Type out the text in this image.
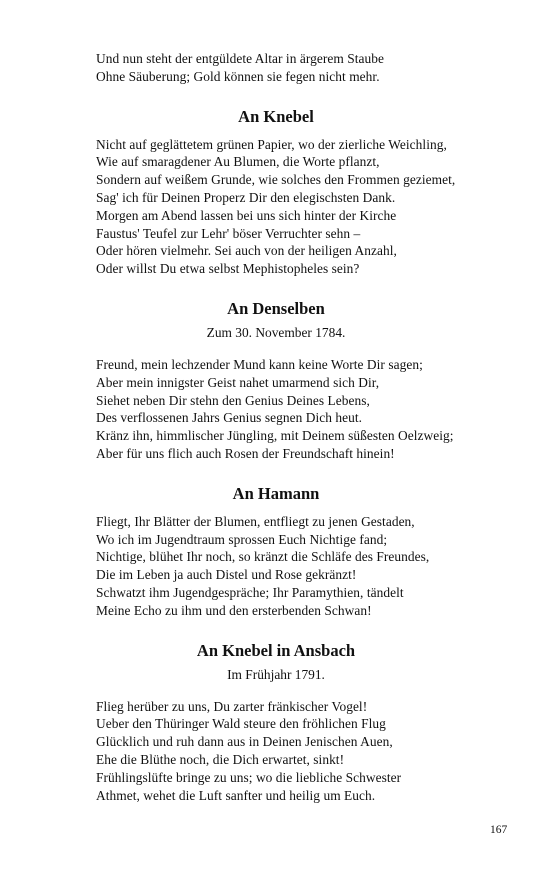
Und nun steht der entgüldete Altar in ärgerem Staube
Ohne Säuberung; Gold können sie fegen nicht mehr.
An Knebel
Nicht auf geglättetem grünen Papier, wo der zierliche Weichling,
Wie auf smaragdener Au Blumen, die Worte pflanzt,
Sondern auf weißem Grunde, wie solches den Frommen geziemet,
Sag' ich für Deinen Properz Dir den elegischsten Dank.
Morgen am Abend lassen bei uns sich hinter der Kirche
Faustus' Teufel zur Lehr' böser Verruchter sehn –
Oder hören vielmehr. Sei auch von der heiligen Anzahl,
Oder willst Du etwa selbst Mephistopheles sein?
An Denselben
Zum 30. November 1784.
Freund, mein lechzender Mund kann keine Worte Dir sagen;
Aber mein innigster Geist nahet umarmend sich Dir,
Siehet neben Dir stehn den Genius Deines Lebens,
Des verflossenen Jahrs Genius segnen Dich heut.
Kränz ihn, himmlischer Jüngling, mit Deinem süßesten Oelzweig;
Aber für uns flich auch Rosen der Freundschaft hinein!
An Hamann
Fliegt, Ihr Blätter der Blumen, entfliegt zu jenen Gestaden,
Wo ich im Jugendtraum sprossen Euch Nichtige fand;
Nichtige, blühet Ihr noch, so kränzt die Schläfe des Freundes,
Die im Leben ja auch Distel und Rose gekränzt!
Schwatzt ihm Jugendgespräche; Ihr Paramythien, tändelt
Meine Echo zu ihm und den ersterbenden Schwan!
An Knebel in Ansbach
Im Frühjahr 1791.
Flieg herüber zu uns, Du zarter fränkischer Vogel!
Ueber den Thüringer Wald steure den fröhlichen Flug
Glücklich und ruh dann aus in Deinen Jenischen Auen,
Ehe die Blüthe noch, die Dich erwartet, sinkt!
Frühlingslüfte bringe zu uns; wo die liebliche Schwester
Athmet, wehet die Luft sanfter und heilig um Euch.
167
